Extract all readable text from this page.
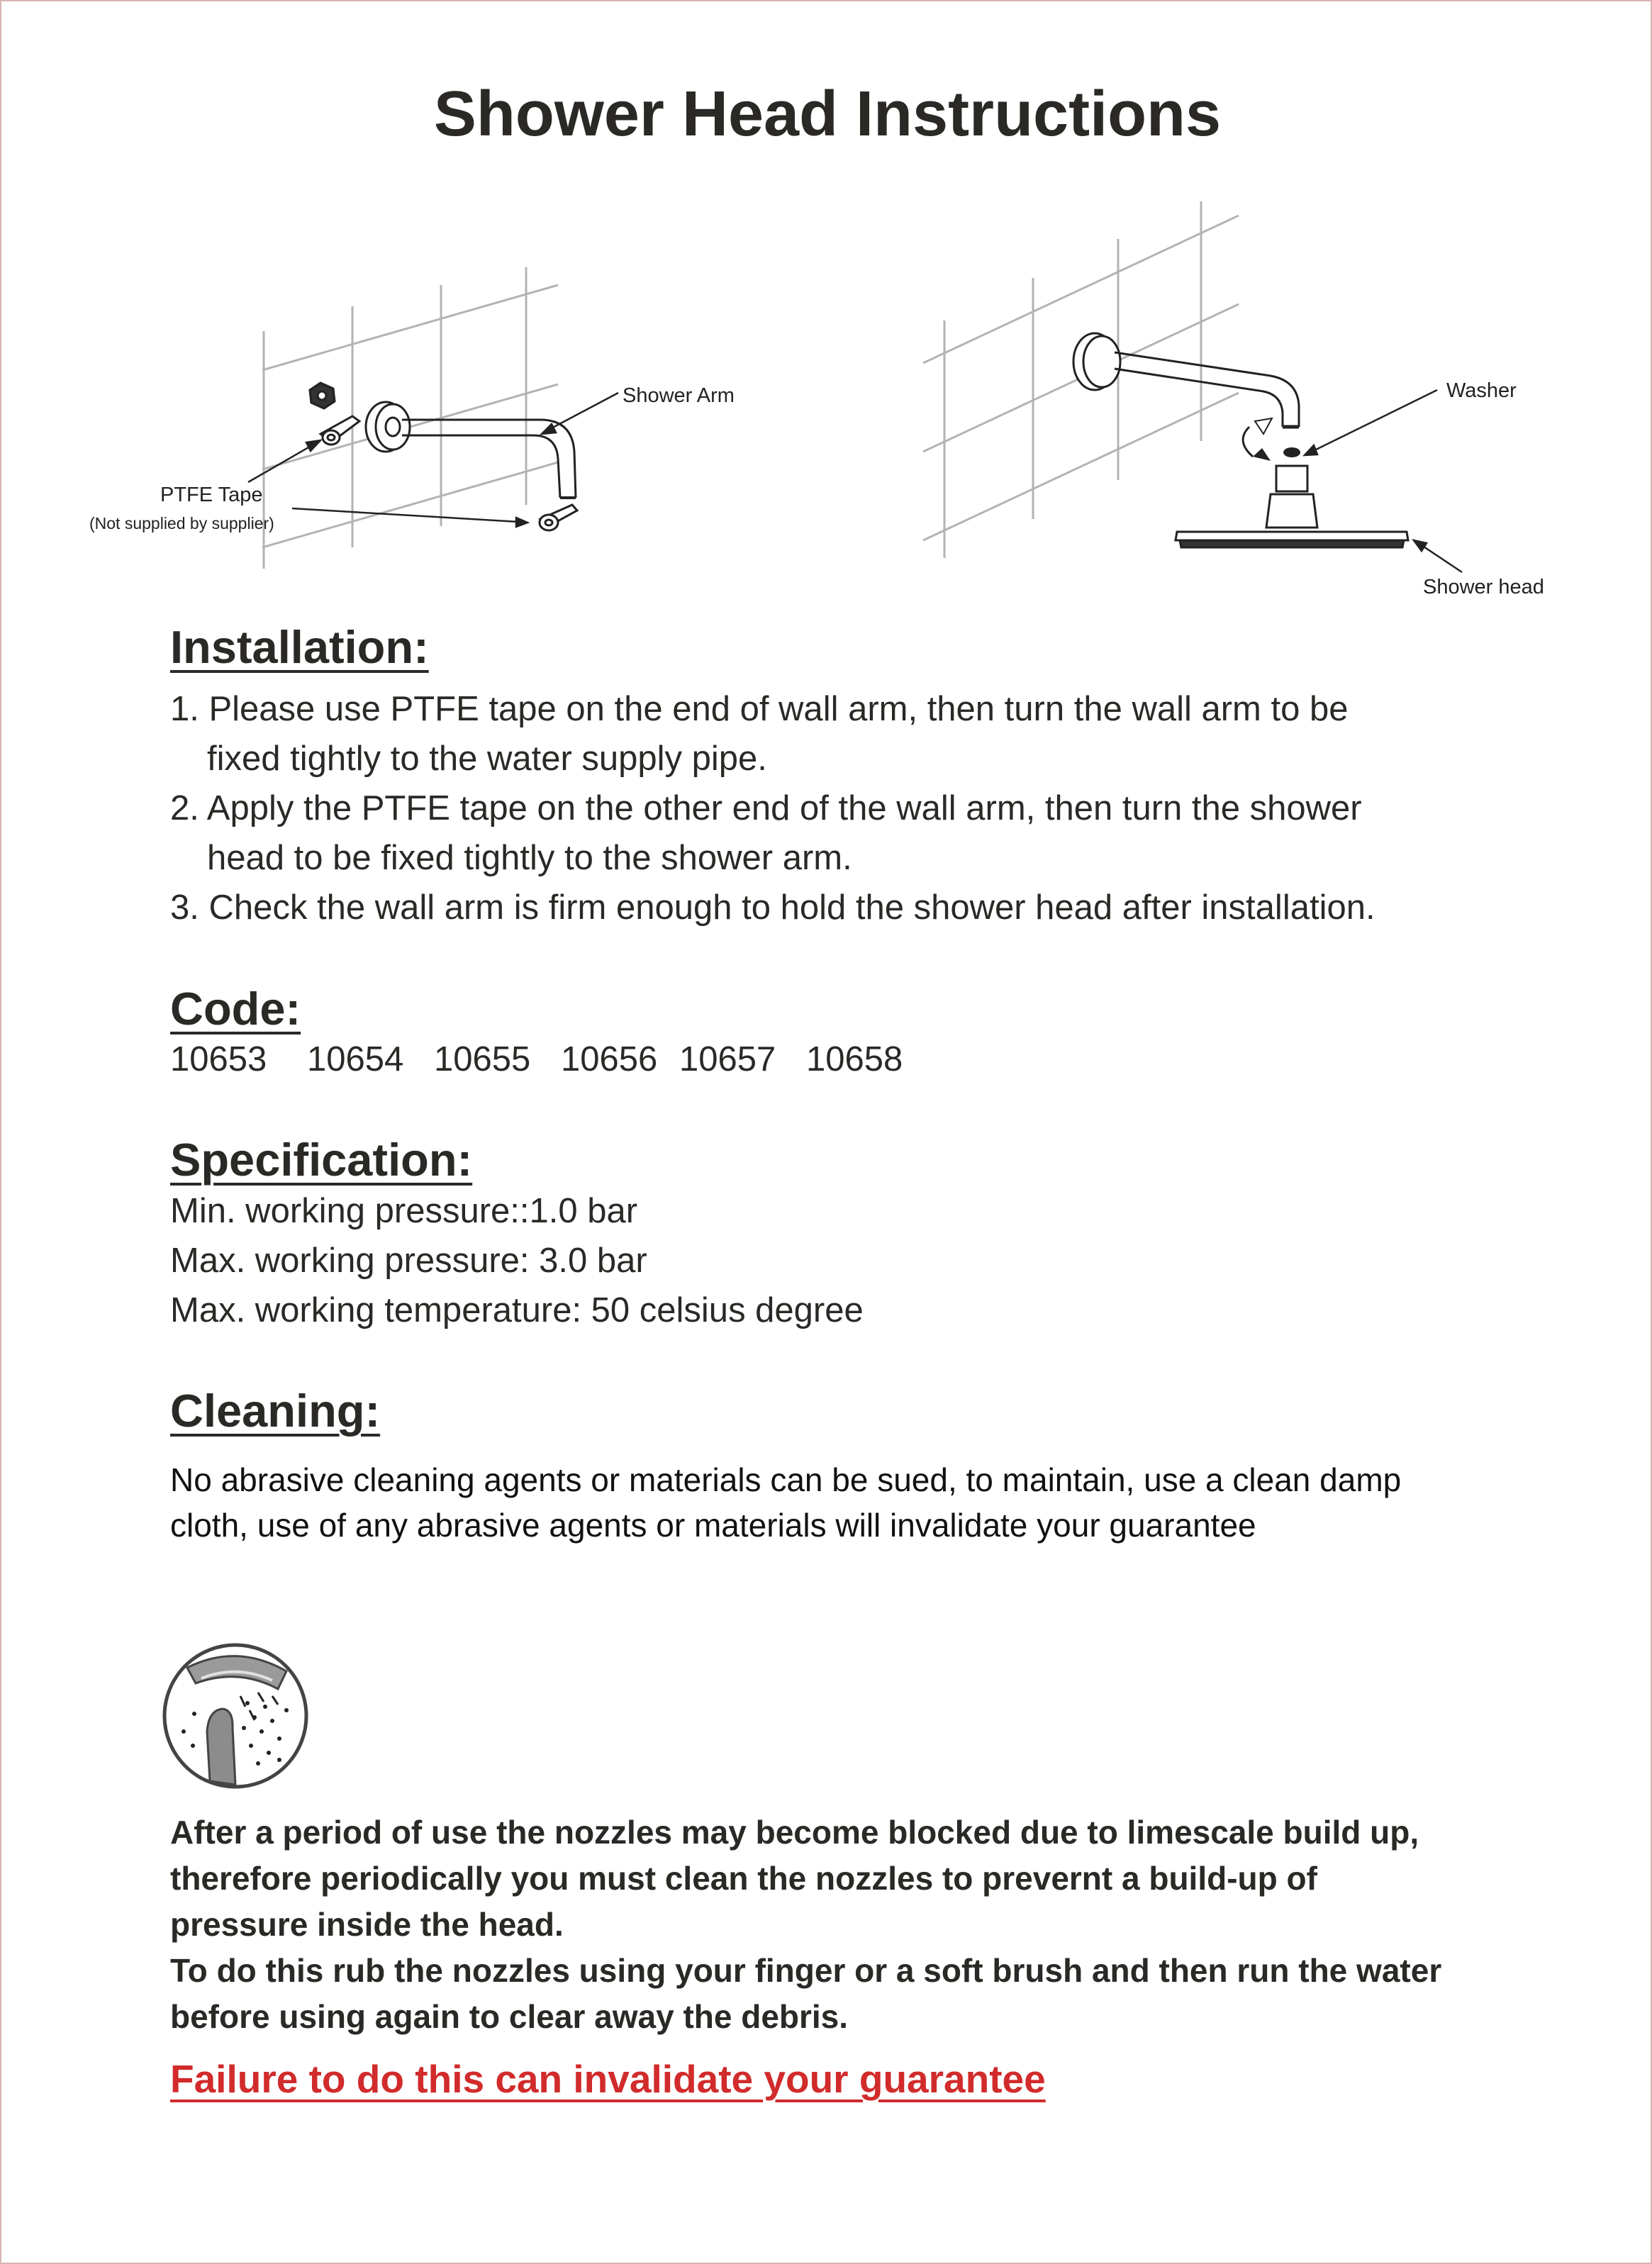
Shower Head Instructions
Shower Arm
PTFE Tape
(Not supplied by supplier)
Washer
Shower head
Installation:
1. Please use PTFE tape on the end of wall arm, then turn the wall arm to be
fixed tightly to the water supply pipe.
2. Apply the PTFE tape on the other end of the wall arm, then turn the shower
head to be fixed tightly to the shower arm.
3. Check the wall arm is firm enough to hold the shower head after installation.
Code:
10653	10654 10655 10656 10657 10658
Specification:
Min. working pressure::1.0 bar
Max. working pressure: 3.0 bar
Max. working temperature: 50 celsius degree
Cleaning:
No abrasive cleaning agents or materials can be sued, to maintain, use a clean damp
cloth, use of any abrasive agents or materials will invalidate your guarantee
After a period of use the nozzles may become blocked due to limescale build up,
therefore periodically you must clean the nozzles to prevernt a build-up of
pressure inside the head.
To do this rub the nozzles using your finger or a soft brush and then run the water
before using again to clear away the debris.
Failure to do this can invalidate your guarantee
